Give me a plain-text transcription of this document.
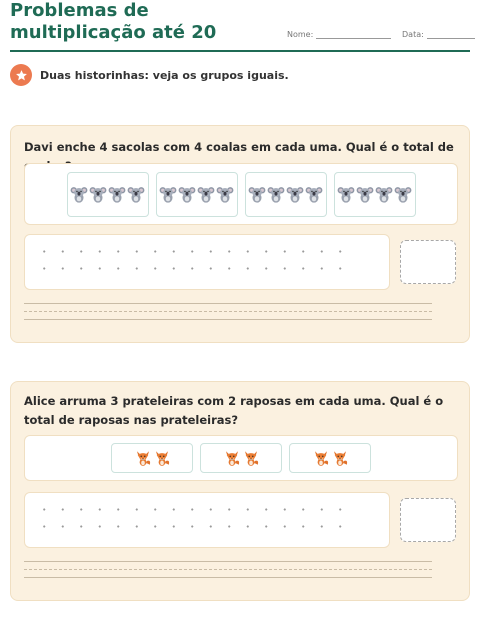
Problemas de multiplicação até 20	Nome:	Data:
Duas historinhas: veja os grupos iguais.
Davi enche 4 sacolas com 4 coalas em cada uma. Qual é o total de
Alice arruma 3 prateleiras com 2 raposas em cada uma. Qual é o total de raposas nas prateleiras?
